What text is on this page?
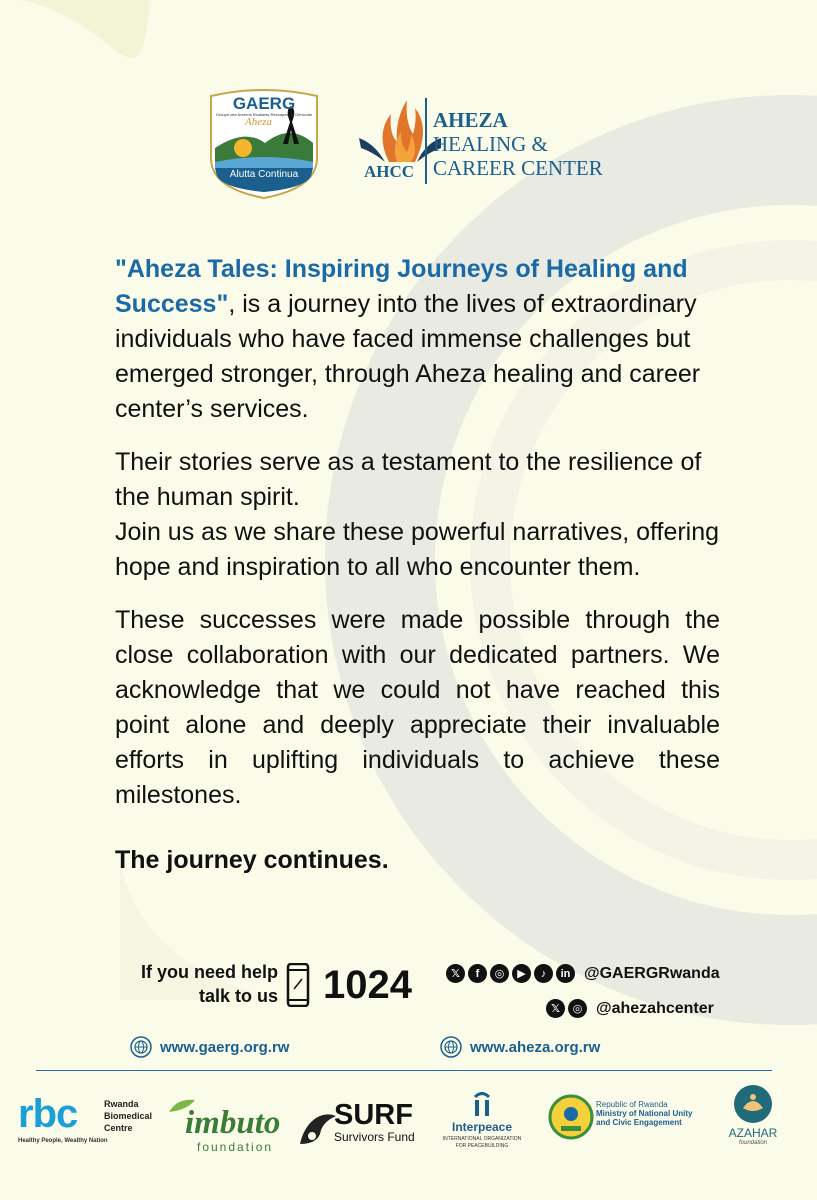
GAERG
Groupe des Anciens Etudiants Rescapés du Génocide
Aheza
Alutta Continua	AHCC
AHEZA
HEALING &
CAREER CENTER

"Aheza Tales: Inspiring Journeys of Healing and Success", is a journey into the lives of extraordinary individuals who have faced immense challenges but emerged stronger, through Aheza healing and career center’s services.

Their stories serve as a testament to the resilience of the human spirit.

Join us as we share these powerful narratives, offering hope and inspiration to all who encounter them.

These successes were made possible through the close collaboration with our dedicated partners. We acknowledge that we could not have reached this point alone and deeply appreciate their invaluable efforts in uplifting individuals to achieve these milestones.

The journey continues.

If you need help
talk to us 1024	𝕏	f	◎	▶	♪	in @GAERGRwanda
𝕏	◎ @ahezahcenter
www.gaerg.org.rw	www.aheza.org.rw
rbc	Rwanda
Biomedical
Centre
Healthy People, Wealthy Nation imbuto
foundation
SURF
Survivors Fund
Interpeace
INTERNATIONAL ORGANIZATION
FOR PEACEBUILDING
Republic of Rwanda
Ministry of National Unity
and Civic Engagement
AZAHAR
foundation
